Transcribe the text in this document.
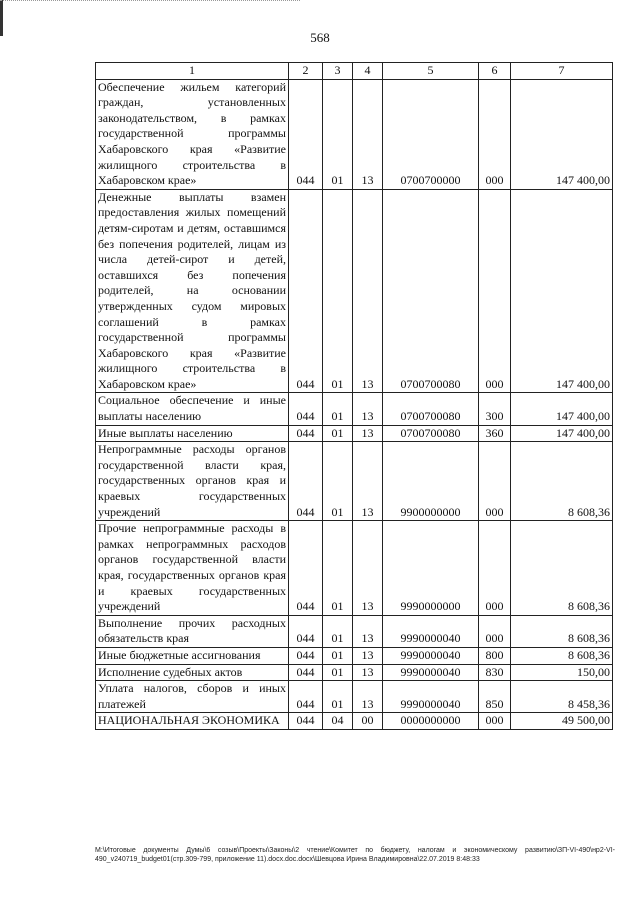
568
1	2	3	4	5	6	7
Обеспечение жильем категорий граждан, установленных законодательством, в рамках государственной программы Хабаровского края «Развитие жилищного строительства в Хабаровском крае»	044	01	13	0700700000	000	147 400,00
Денежные выплаты взамен предоставления жилых помещений детям-сиротам и детям, оставшимся без попечения родителей, лицам из числа детей-сирот и детей, оставшихся без попечения родителей, на основании утвержденных судом мировых соглашений в рамках государственной программы Хабаровского края «Развитие жилищного строительства в Хабаровском крае»	044	01	13	0700700080	000	147 400,00
Социальное обеспечение и иные выплаты населению	044	01	13	0700700080	300	147 400,00
Иные выплаты населению	044	01	13	0700700080	360	147 400,00
Непрограммные расходы органов государственной власти края, государственных органов края и краевых государственных учреждений	044	01	13	9900000000	000	8 608,36
Прочие непрограммные расходы в рамках непрограммных расходов органов государственной власти края, государственных органов края и краевых государственных учреждений	044	01	13	9990000000	000	8 608,36
Выполнение прочих расходных обязательств края	044	01	13	9990000040	000	8 608,36
Иные бюджетные ассигнования	044	01	13	9990000040	800	8 608,36
Исполнение судебных актов	044	01	13	9990000040	830	150,00
Уплата налогов, сборов и иных платежей	044	01	13	9990000040	850	8 458,36
НАЦИОНАЛЬНАЯ ЭКОНОМИКА	044	04	00	0000000000	000	49 500,00
M:\Итоговые документы Думы\6 созыв\Проекты\Законы\2 чтение\Комитет по бюджету, налогам и экономическому развитию\ЗП-VI-490\нр2-VI-490_v240719_budget01(стр.309-799, приложение 11).docx.doc.docx\Шевцова Ирина Владимировна\22.07.2019 8:48:33
